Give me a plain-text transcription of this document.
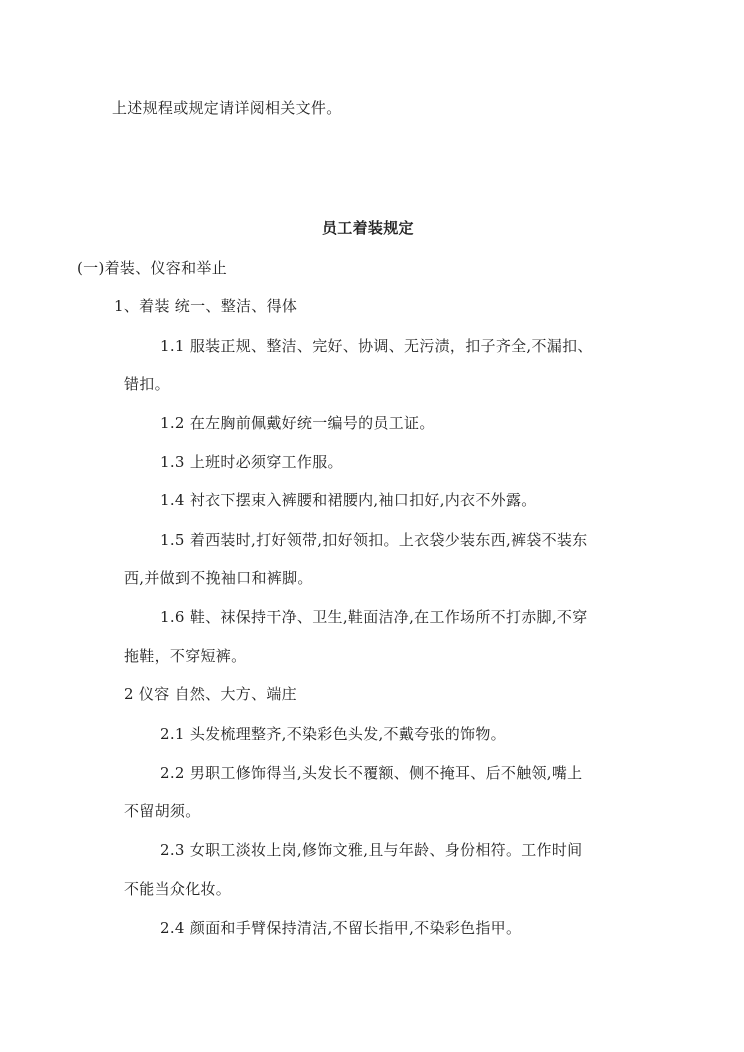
上述规程或规定请详阅相关文件。
员工着装规定
(一)着装、仪容和举止
1、着装 统一、整洁、得体
1.1 服装正规、整洁、完好、协调、无污渍，扣子齐全,不漏扣、
错扣。
1.2 在左胸前佩戴好统一编号的员工证。
1.3 上班时必须穿工作服。
1.4 衬衣下摆束入裤腰和裙腰内,袖口扣好,内衣不外露。
1.5 着西装时,打好领带,扣好领扣。上衣袋少装东西,裤袋不装东
西,并做到不挽袖口和裤脚。
1.6 鞋、袜保持干净、卫生,鞋面洁净,在工作场所不打赤脚,不穿
拖鞋，不穿短裤。
2 仪容 自然、大方、端庄
2.1 头发梳理整齐,不染彩色头发,不戴夸张的饰物。
2.2 男职工修饰得当,头发长不覆额、侧不掩耳、后不触领,嘴上
不留胡须。
2.3 女职工淡妆上岗,修饰文雅,且与年龄、身份相符。工作时间
不能当众化妆。
2.4 颜面和手臂保持清洁,不留长指甲,不染彩色指甲。
